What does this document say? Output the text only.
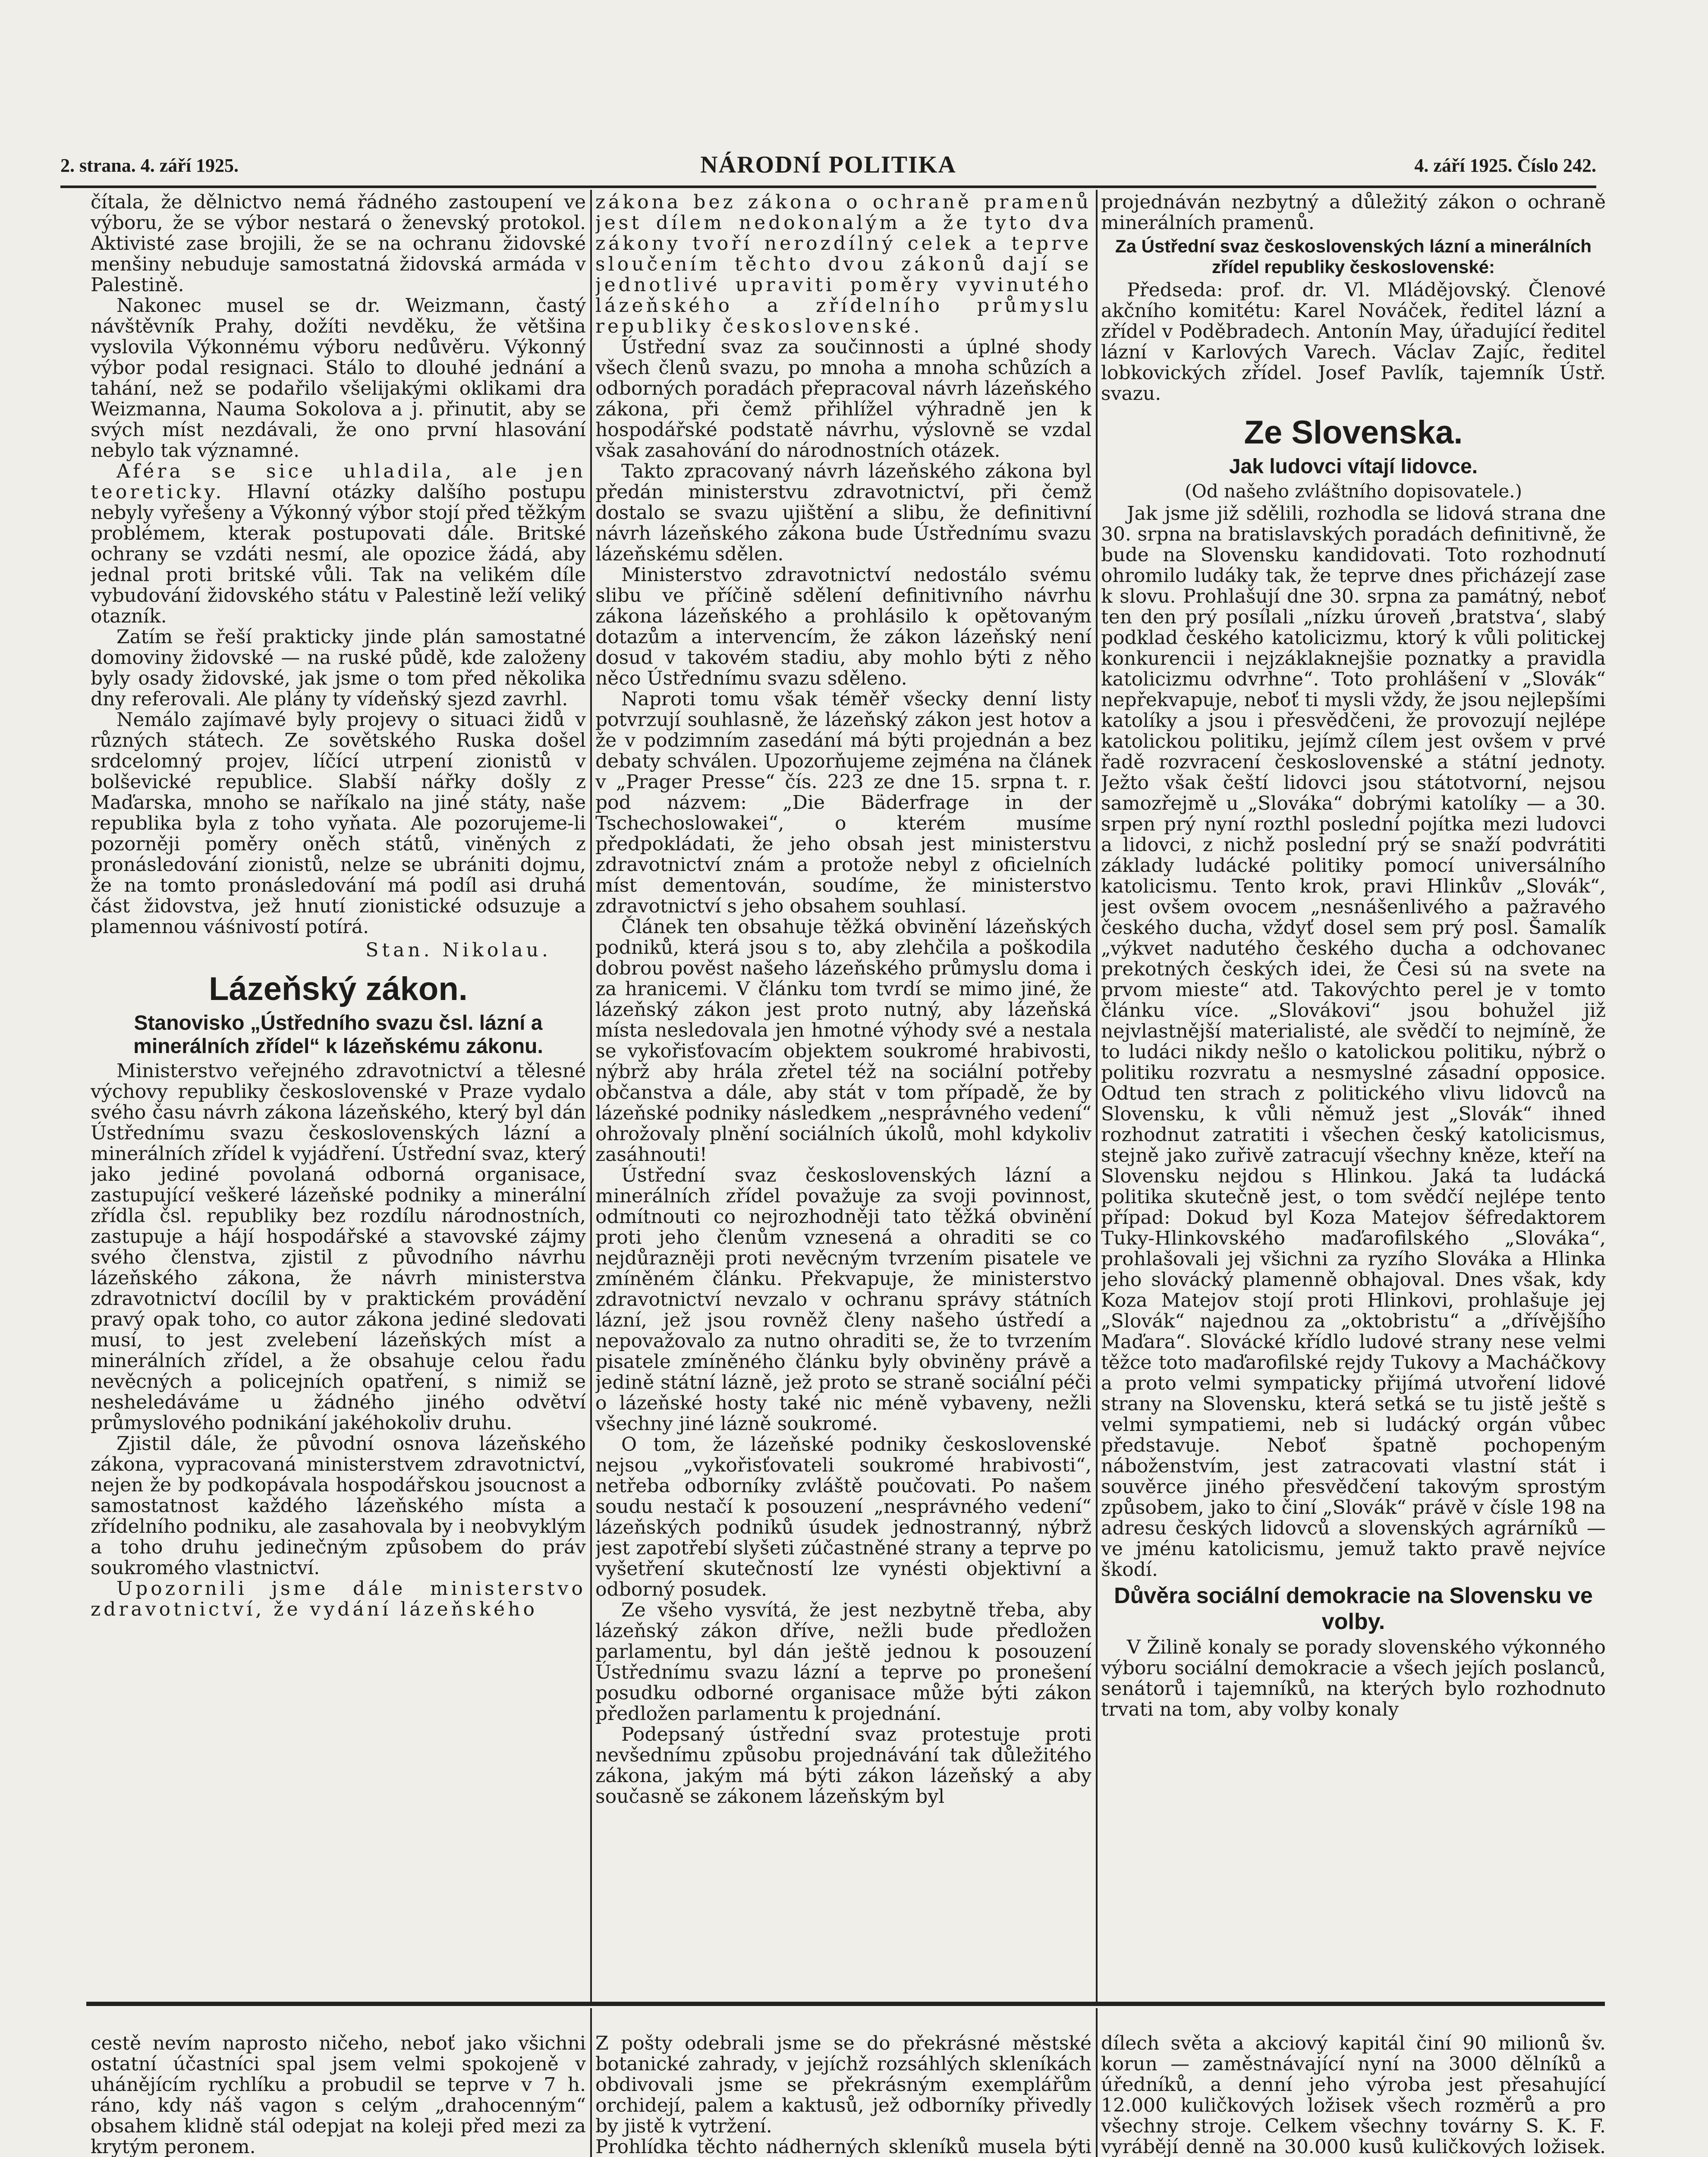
2. strana. 4. září 1925.	NÁRODNÍ POLITIKA	4. září 1925. Číslo 242.

čítala, že dělnictvo nemá řádného zastoupení ve výboru, že se výbor nestará o ženevský protokol. Aktivisté zase brojili, že se na ochranu židovské menšiny nebuduje samostatná židovská armáda v Palestině.

Nakonec musel se dr. Weizmann, častý návštěvník Prahy, dožíti nevděku, že většina vyslovila Výkonnému výboru nedůvěru. Výkonný výbor podal resignaci. Stálo to dlouhé jednání a tahání, než se podařilo všelijakými oklikami dra Weizmanna, Nauma Sokolova a j. přinutit, aby se svých míst nezdávali, že ono první hlasování nebylo tak významné.

Aféra se sice uhladila, ale jen teoreticky. Hlavní otázky dalšího postupu nebyly vyřešeny a Výkonný výbor stojí před těžkým problémem, kterak postupovati dále. Britské ochrany se vzdáti nesmí, ale opozice žádá, aby jednal proti britské vůli. Tak na velikém díle vybudování židovského státu v Palestině leží veliký otazník.

Zatím se řeší prakticky jinde plán samostatné domoviny židovské — na ruské půdě, kde založeny byly osady židovské, jak jsme o tom před několika dny referovali. Ale plány ty vídeňský sjezd zavrhl.

Nemálo zajímavé byly projevy o situaci židů v různých státech. Ze sovětského Ruska došel srdcelomný projev, líčící utrpení zionistů v bolševické republice. Slabší nářky došly z Maďarska, mnoho se naříkalo na jiné státy, naše republika byla z toho vyňata. Ale pozorujeme-li pozorněji poměry oněch států, viněných z pronásledování zionistů, nelze se ubrániti dojmu, že na tomto pronásledování má podíl asi druhá část židovstva, jež hnutí zionistické odsuzuje a plamennou váśnivostí potírá.

Stan. Nikolau.
Lázeňský zákon.
Stanovisko „Ústředního svazu čsl. lázní a minerálních zřídel“ k lázeňskému zákonu.

Ministerstvo veřejného zdravotnictví a tělesné výchovy republiky československé v Praze vydalo svého času návrh zákona lázeňského, který byl dán Ústřednímu svazu československých lázní a minerálních zřídel k vyjádření. Ústřední svaz, který jako jediné povolaná odborná organisace, zastupující veškeré lázeňské podniky a minerální zřídla čsl. republiky bez rozdílu národnostních, zastupuje a hájí hospodářské a stavovské zájmy svého členstva, zjistil z původního návrhu lázeňského zákona, že návrh ministerstva zdravotnictví docílil by v praktickém provádění pravý opak toho, co autor zákona jediné sledovati musí, to jest zvelebení lázeňských míst a minerálních zřídel, a že obsahuje celou řadu nevěcných a policejních opatření, s nimiž se nesheledáváme u žádného jiného odvětví průmyslového podnikání jakéhokoliv druhu.

Zjistil dále, že původní osnova lázeňského zákona, vypracovaná ministerstvem zdravotnictví, nejen že by podkopávala hospodářskou jsoucnost a samostatnost každého lázeňského místa a zřídelního podniku, ale zasahovala by i neobvyklým a toho druhu jedinečným způsobem do práv soukromého vlastnictví.

Upozornili jsme dále ministerstvo zdravotnictví, že vydání lázeňského

zákona bez zákona o ochraně pramenů jest dílem nedokonalým a že tyto dva zákony tvoří nerozdílný celek a teprve sloučením těchto dvou zákonů dají se jednotlivé upraviti poměry vyvinutého lázeňského a zřídelního průmyslu republiky československé.

Ústřední svaz za součinnosti a úplné shody všech členů svazu, po mnoha a mnoha schůzích a odborných poradách přepracoval návrh lázeňského zákona, při čemž přihlížel výhradně jen k hospodářské podstatě návrhu, výslovně se vzdal však zasahování do národnostních otázek.

Takto zpracovaný návrh lázeňského zákona byl předán ministerstvu zdravotnictví, při čemž dostalo se svazu ujištění a slibu, že definitivní návrh lázeňského zákona bude Ústřednímu svazu lázeňskému sdělen.

Ministerstvo zdravotnictví nedostálo svému slibu ve příčině sdělení definitivního návrhu zákona lázeňského a prohlásilo k opětovaným dotazům a intervencím, že zákon lázeňský není dosud v takovém stadiu, aby mohlo býti z něho něco Ústřednímu svazu sděleno.

Naproti tomu však téměř všecky denní listy potvrzují souhlasně, že lázeňský zákon jest hotov a že v podzimním zasedání má býti projednán a bez debaty schválen. Upozorňujeme zejména na článek v „Prager Presse“ čís. 223 ze dne 15. srpna t. r. pod názvem: „Die Bäderfrage in der Tschechoslowakei“, o kterém musíme předpokládati, že jeho obsah jest ministerstvu zdravotnictví znám a protože nebyl z oficielních míst dementován, soudíme, že ministerstvo zdravotnictví s jeho obsahem souhlasí.

Článek ten obsahuje těžká obvinění lázeňských podniků, která jsou s to, aby zlehčila a poškodila dobrou pověst našeho lázeňského průmyslu doma i za hranicemi. V článku tom tvrdí se mimo jiné, že lázeňský zákon jest proto nutný, aby lázeňská místa nesledovala jen hmotné výhody své a nestala se vykořisťovacím objektem soukromé hrabivosti, nýbrž aby hrála zřetel též na sociální potřeby občanstva a dále, aby stát v tom případě, že by lázeňské podniky následkem „nesprávného vedení“ ohrožovaly plnění sociálních úkolů, mohl kdykoliv zasáhnouti!

Ústřední svaz československých lázní a minerálních zřídel považuje za svoji povinnost, odmítnouti co nejrozhodněji tato těžká obvinění proti jeho členům vznesená a ohraditi se co nejdůrazněji proti nevěcným tvrzením pisatele ve zmíněném článku. Překvapuje, že ministerstvo zdravotnictví nevzalo v ochranu správy státních lázní, jež jsou rovněž členy našeho ústředí a nepovažovalo za nutno ohraditi se, že to tvrzením pisatele zmíněného článku byly obviněny právě a jedině státní lázně, jež proto se straně sociální péči o lázeňské hosty také nic méně vybaveny, nežli všechny jiné lázně soukromé.

O tom, že lázeňské podniky československé nejsou „vykořisťovateli soukromé hrabivosti“, netřeba odborníky zvláště poučovati. Po našem soudu nestačí k posouzení „nesprávného vedení“ lázeňských podniků úsudek jednostranný, nýbrž jest zapotřebí slyšeti zúčastněné strany a teprve po vyšetření skutečností lze vynésti objektivní a odborný posudek.

Ze všeho vysvítá, že jest nezbytně třeba, aby lázeňský zákon dříve, nežli bude předložen parlamentu, byl dán ještě jednou k posouzení Ústřednímu svazu lázní a teprve po pronešení posudku odborné organisace může býti zákon předložen parlamentu k projednání.

Podepsaný ústřední svaz protestuje proti nevšednímu způsobu projednávání tak důležitého zákona, jakým má býti zákon lázeňský a aby současně se zákonem lázeňským byl

projednáván nezbytný a důležitý zákon o ochraně minerálních pramenů.

Za Ústřední svaz československých lázní a minerálních zřídel republiky československé:

Předseda: prof. dr. Vl. Mládějovský. Členové akčního komitétu: Karel Nováček, ředitel lázní a zřídel v Poděbradech. Antonín May, úřadující ředitel lázní v Karlových Varech. Václav Zajíc, ředitel lobkovických zřídel. Josef Pavlík, tajemník Ústř. svazu.

Ze Slovenska.
Jak ludovci vítají lidovce.
(Od našeho zvláštního dopisovatele.)

Jak jsme již sdělili, rozhodla se lidová strana dne 30. srpna na bratislavských poradách definitivně, že bude na Slovensku kandidovati. Toto rozhodnutí ohromilo ludáky tak, že teprve dnes přicházejí zase k slovu. Prohlašují dne 30. srpna za památný, neboť ten den prý posílali „nízku úroveň ‚bratstva‘, slabý podklad českého katolicizmu, ktorý k vůli politickej konkurencii i nejzáklaknejšie poznatky a pravidla katolicizmu odvrhne“. Toto prohlášení v „Slovák“ nepřekvapuje, neboť ti mysli vždy, že jsou nejlepšími katolíky a jsou i přesvědčeni, že provozují nejlépe katolickou politiku, jejímž cílem jest ovšem v prvé řadě rozvracení československé a státní jednoty. Ježto však čeští lidovci jsou státotvorní, nejsou samozřejmě u „Slováka“ dobrými katolíky — a 30. srpen prý nyní rozthl poslední pojítka mezi ludovci a lidovci, z nichž poslední prý se snaží podvrátiti základy ludácké politiky pomocí universálního katolicismu. Tento krok, pravi Hlinkův „Slovák“, jest ovšem ovocem „nesnášenlivého a pažravého českého ducha, vždyť dosel sem prý posl. Šamalík „výkvet nadutého českého ducha a odchovanec prekotných českých idei, že Česi sú na svete na prvom mieste“ atd. Takovýchto perel je v tomto článku více. „Slovákovi“ jsou bohužel již nejvlastnější materialisté, ale svědčí to nejmíně, že to ludáci nikdy nešlo o katolickou politiku, nýbrž o politiku rozvratu a nesmyslné zásadní opposice. Odtud ten strach z politického vlivu lidovců na Slovensku, k vůli němuž jest „Slovák“ ihned rozhodnut zatratiti i všechen český katolicismus, stejně jako zuřivě zatracují všechny kněze, kteří na Slovensku nejdou s Hlinkou. Jaká ta ludácká politika skutečně jest, o tom svědčí nejlépe tento případ: Dokud byl Koza Matejov šéfredaktorem Tuky-Hlinkovského maďarofilského „Slováka“, prohlašovali jej všichni za ryzího Slováka a Hlinka jeho slovácký plamenně obhajoval. Dnes však, kdy Koza Matejov stojí proti Hlinkovi, prohlašuje jej „Slovák“ najednou za „oktobristu“ a „dřívějšího Maďara“. Slovácké křídlo ludové strany nese velmi těžce toto maďarofilské rejdy Tukovy a Macháčkovy a proto velmi sympaticky přijímá utvoření lidové strany na Slovensku, která setká se tu jistě ještě s velmi sympatiemi, neb si ludácký orgán vůbec představuje. Neboť špatně pochopeným náboženstvím, jest zatracovati vlastní stát i souvěrce jiného přesvědčení takovým sprostým způsobem, jako to činí „Slovák“ právě v čísle 198 na adresu českých lidovců a slovenských agrárníků — ve jménu katolicismu, jemuž takto pravě nejvíce škodí.

Důvěra sociální demokracie na Slovensku ve volby.

V Žilině konaly se porady slovenského výkonného výboru sociální demokracie a všech jejích poslanců, senátorů i tajemníků, na kterých bylo rozhodnuto trvati na tom, aby volby konaly

cestě nevím naprosto ničeho, neboť jako všichni ostatní účastníci spal jsem velmi spokojeně v uhánějícím rychlíku a probudil se teprve v 7 h. ráno, kdy náš vagon s celým „drahocenným“ obsahem klidně stál odepjat na koleji před mezi za krytým peronem.

Z pošty odebrali jsme se do překrásné městské botanické zahrady, v jejíchž rozsáhlých skleníkách obdivovali jsme se překrásným exemplářům orchidejí, palem a kaktusů, jež odborníky přivedly by jistě k vytržení.
Prohlídka těchto nádherných skleníků musela býti

dílech světa a akciový kapitál činí 90 milionů šv. korun — zaměstnávající nyní na 3000 dělníků a úředníků, a denní jeho výroba jest přesahující 12.000 kuličkových ložisek všech rozměrů a pro všechny stroje. Celkem všechny továrny S. K. F. vyrábějí denně na 30.000 kusů kuličkových ložisek.
